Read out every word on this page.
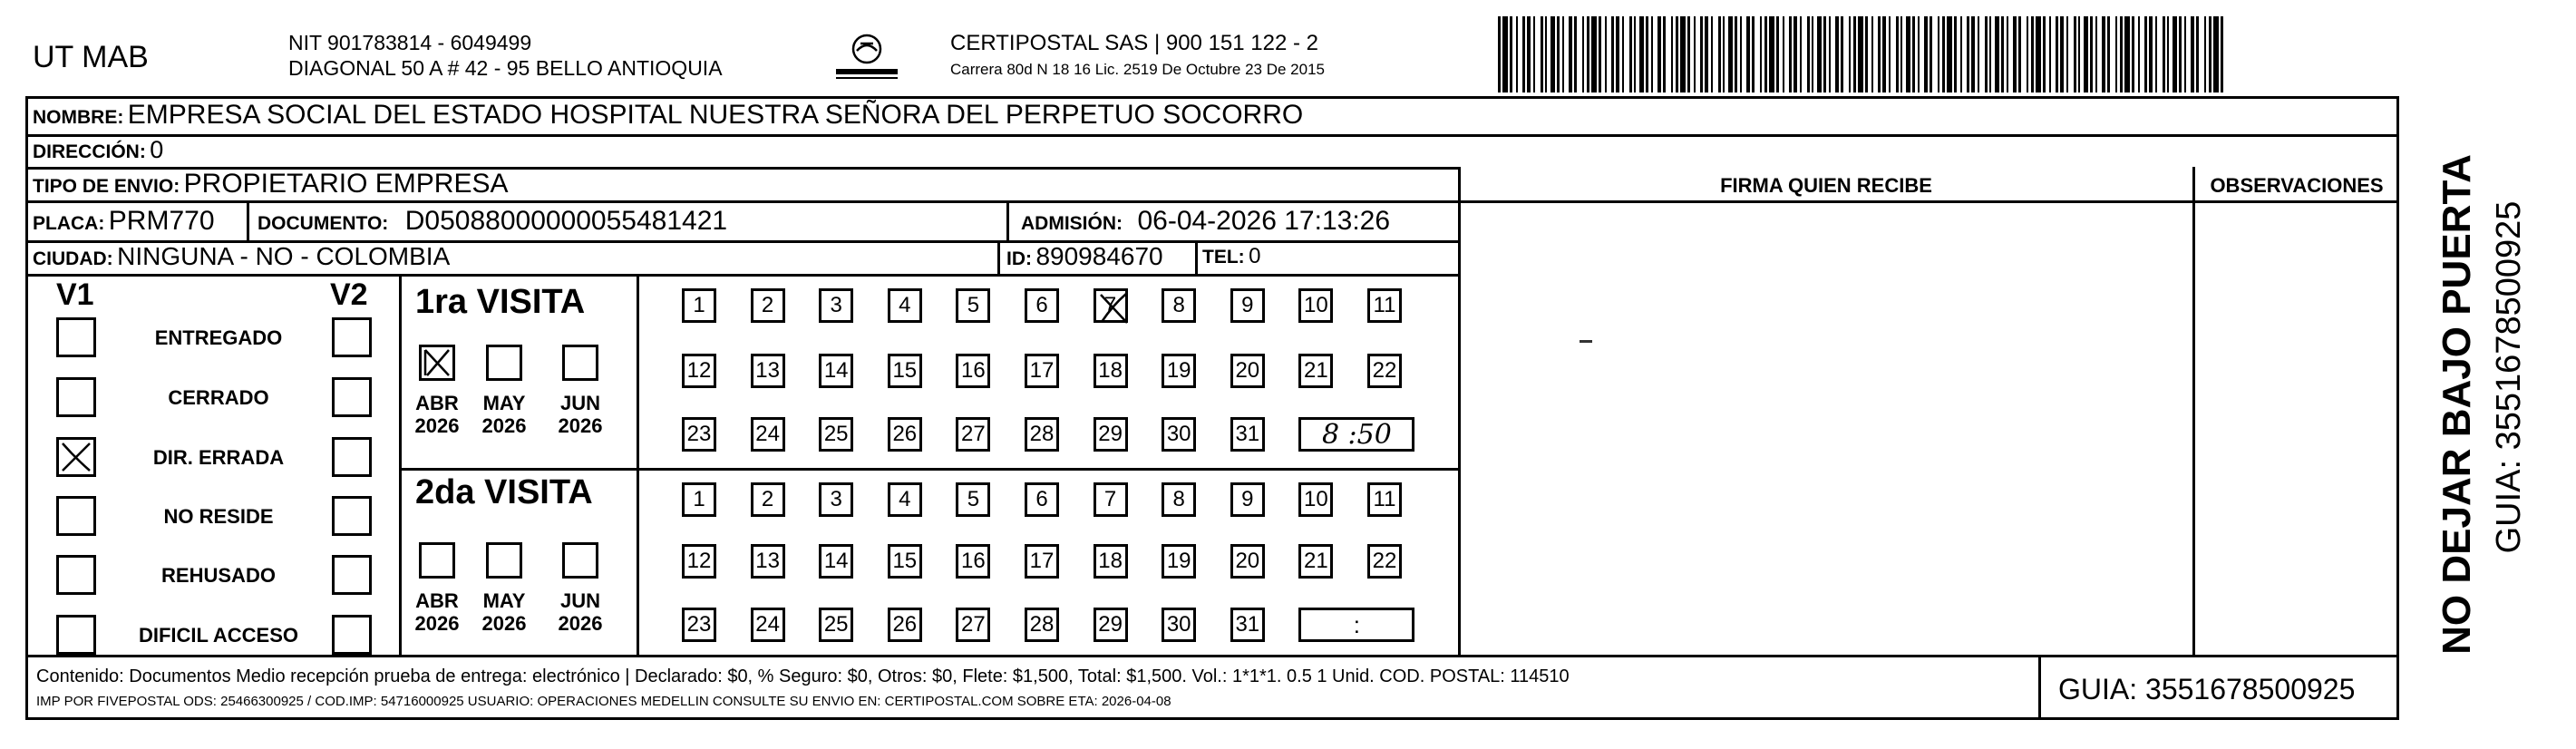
UT MAB	NIT 901783814 - 6049499
DIAGONAL 50 A # 42 - 95 BELLO ANTIOQUIA
CERTIPOSTAL SAS | 900 151 122 - 2
Carrera 80d N 18 16 Lic. 2519 De Octubre 23 De 2015
NOMBRE: EMPRESA SOCIAL DEL ESTADO HOSPITAL NUESTRA SEÑORA DEL PERPETUO SOCORRO
DIRECCIÓN: 0
TIPO DE ENVIO: PROPIETARIO EMPRESA
PLACA: PRM770 DOCUMENTO: D05088000000055481421	ADMISIÓN: 06-04-2026 17:13:26
CIUDAD: NINGUNA - NO - COLOMBIA	ID: 890984670 TEL: 0
FIRMA QUIEN RECIBE	OBSERVACIONES
V1	V2
ENTREGADO
CERRADO
DIR. ERRADA
NO RESIDE
REHUSADO
DIFICIL ACCESO
1ra VISITA
2da VISITA
ABR
2026
MAY
2026
JUN
2026
ABR
2026
MAY
2026
JUN
2026
1	2	3	4	5	6	7	8	9	10 11
12 13 14 15 16 17 18 19 20 21 22
23 24 25 26 27 28 29 30 31 8 :50
1	2	3	4	5	6	7	8	9	10 11
12 13 14 15 16 17 18 19 20 21 22
23 24 25 26 27 28 29 30 31	:
Contenido: Documentos Medio recepción prueba de entrega: electrónico | Declarado: $0, % Seguro: $0, Otros: $0, Flete: $1,500, Total: $1,500. Vol.: 1*1*1. 0.5 1 Unid. COD. POSTAL: 114510
IMP POR FIVEPOSTAL ODS: 25466300925 / COD.IMP: 54716000925 USUARIO: OPERACIONES MEDELLIN CONSULTE SU ENVIO EN: CERTIPOSTAL.COM SOBRE ETA: 2026-04-08	GUIA: 3551678500925
NO DEJAR BAJO PUERTA GUIA: 3551678500925
